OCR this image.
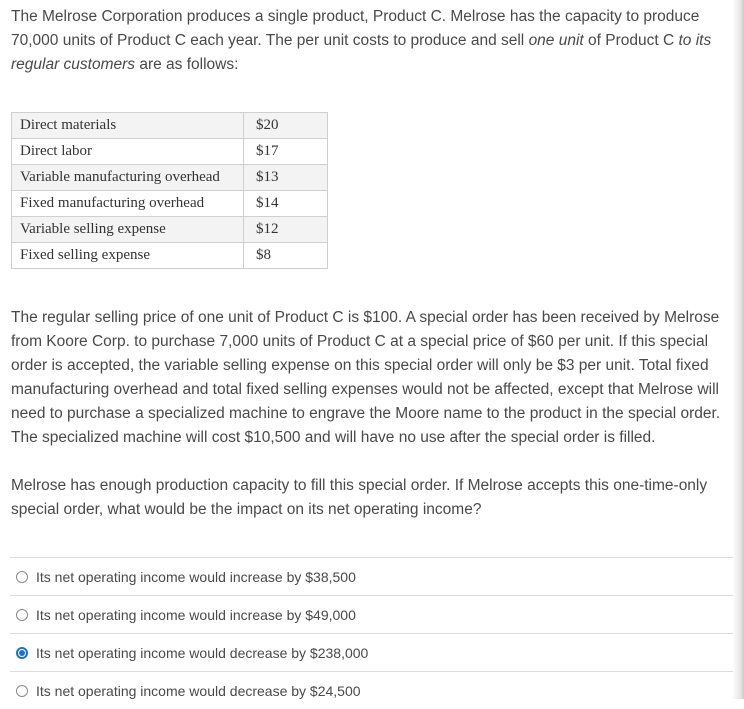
The Melrose Corporation produces a single product, Product C. Melrose has the capacity to produce 70,000 units of Product C each year. The per unit costs to produce and sell one unit of Product C to its regular customers are as follows:

Direct materials	$20
Direct labor	$17
Variable manufacturing overhead	$13
Fixed manufacturing overhead	$14
Variable selling expense	$12
Fixed selling expense	$8

The regular selling price of one unit of Product C is $100. A special order has been received by Melrose from Koore Corp. to purchase 7,000 units of Product C at a special price of $60 per unit. If this special order is accepted, the variable selling expense on this special order will only be $3 per unit. Total fixed manufacturing overhead and total fixed selling expenses would not be affected, except that Melrose will need to purchase a specialized machine to engrave the Moore name to the product in the special order. The specialized machine will cost $10,500 and will have no use after the special order is filled.

Melrose has enough production capacity to fill this special order. If Melrose accepts this one-time-only special order, what would be the impact on its net operating income?

Its net operating income would increase by $38,500
Its net operating income would increase by $49,000
Its net operating income would decrease by $238,000
Its net operating income would decrease by $24,500
